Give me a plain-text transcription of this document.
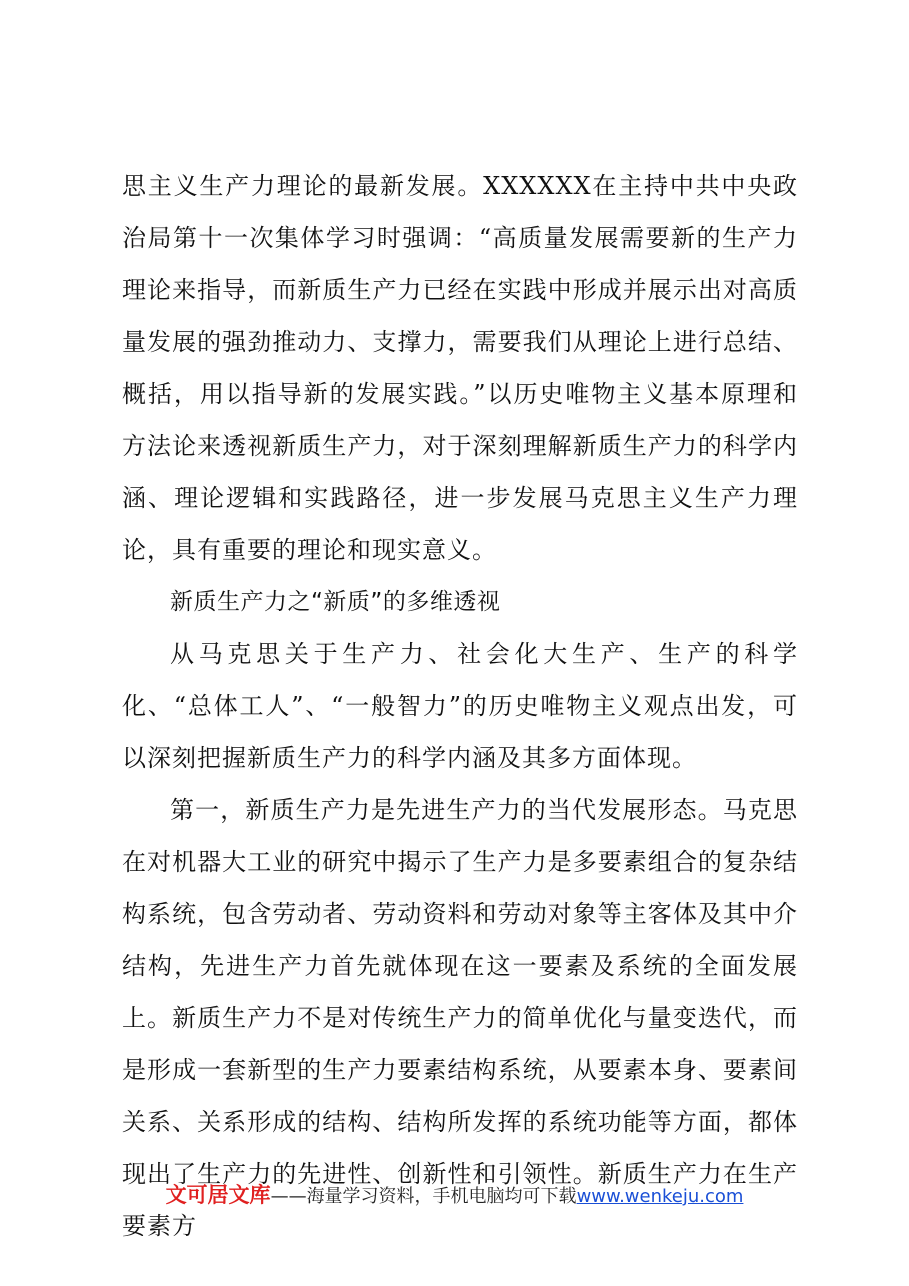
思主义生产力理论的最新发展。XXXXXX在主持中共中央政治局第十一次集体学习时强调：“高质量发展需要新的生产力理论来指导，而新质生产力已经在实践中形成并展示出对高质量发展的强劲推动力、支撑力，需要我们从理论上进行总结、概括，用以指导新的发展实践。”以历史唯物主义基本原理和方法论来透视新质生产力，对于深刻理解新质生产力的科学内涵、理论逻辑和实践路径，进一步发展马克思主义生产力理论，具有重要的理论和现实意义。

新质生产力之“新质”的多维透视

从马克思关于生产力、社会化大生产、生产的科学化、“总体工人”、“一般智力”的历史唯物主义观点出发，可以深刻把握新质生产力的科学内涵及其多方面体现。

第一，新质生产力是先进生产力的当代发展形态。马克思在对机器大工业的研究中揭示了生产力是多要素组合的复杂结构系统，包含劳动者、劳动资料和劳动对象等主客体及其中介结构，先进生产力首先就体现在这一要素及系统的全面发展上。新质生产力不是对传统生产力的简单优化与量变迭代，而是形成一套新型的生产力要素结构系统，从要素本身、要素间关系、关系形成的结构、结构所发挥的系统功能等方面，都体现出了生产力的先进性、创新性和引领性。新质生产力在生产要素方

文可居文库——海量学习资料，手机电脑均可下载www.wenkeju.com
